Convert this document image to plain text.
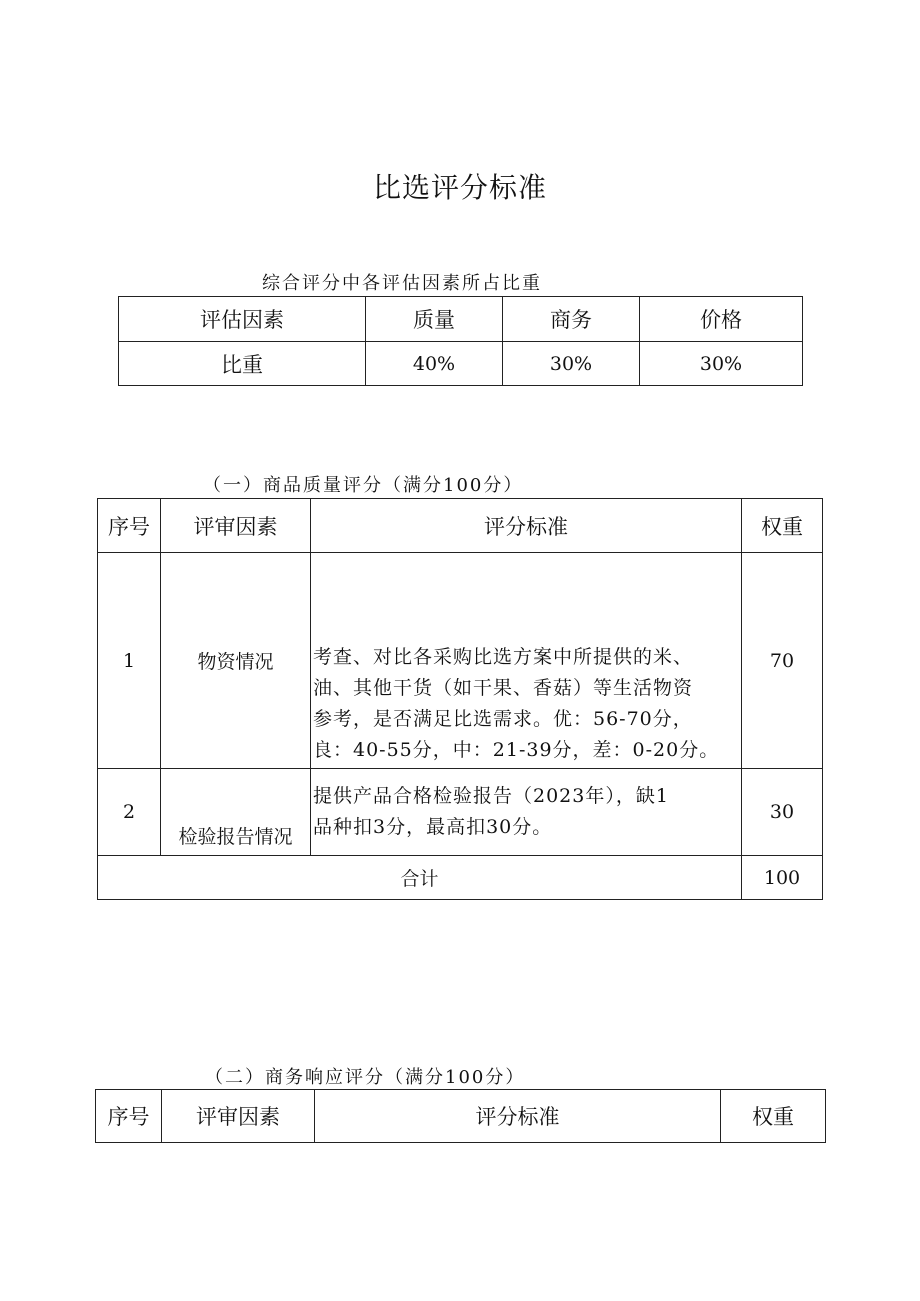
比选评分标准
综合评分中各评估因素所占比重
评估因素	质量	商务	价格
比重	40%	30%	30%
（一）商品质量评分（满分100分）
序号	评审因素	评分标准	权重
1	物资情况	考查、对比各采购比选方案中所提供的米、
油、其他干货（如干果、香菇）等生活物资
参考，是否满足比选需求。优：56-70分，
良：40-55分，中：21-39分，差：0-20分。	70
2	检验报告情况	提供产品合格检验报告（2023年），缺1
品种扣3分，最高扣30分。	30
合计			100
（二）商务响应评分（满分100分）
序号	评审因素	评分标准	权重
